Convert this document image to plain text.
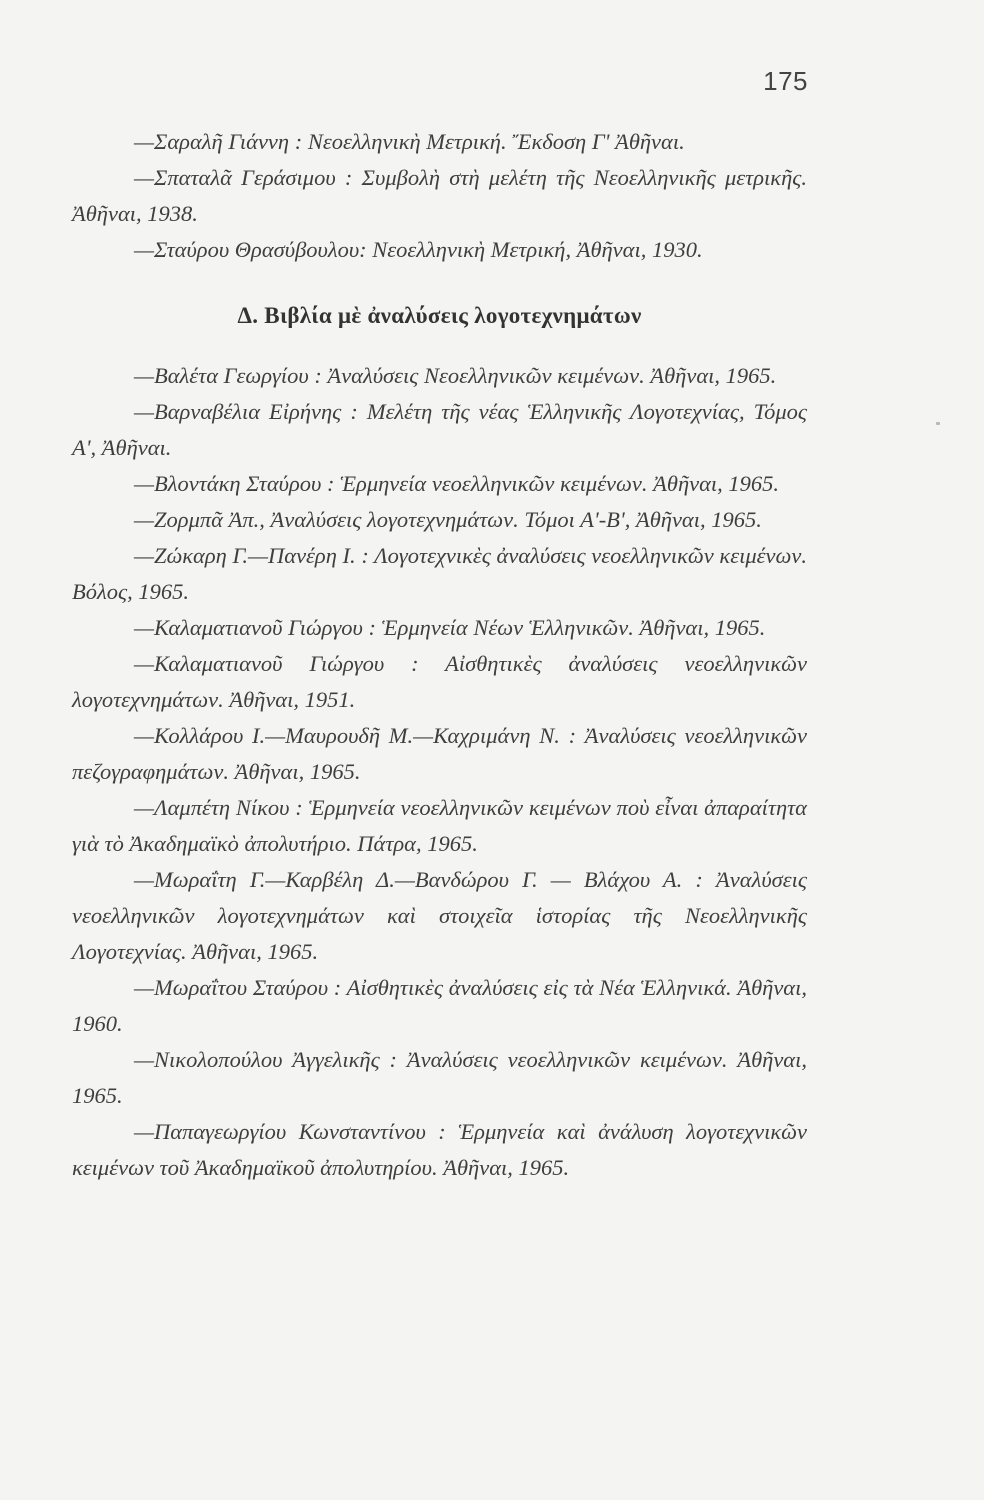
175

—Σαραλῆ Γιάννη : Νεοελληνικὴ Μετρική. Ἔκδοση Γ' Ἀθῆναι.

—Σπαταλᾶ Γεράσιμου : Συμβολὴ στὴ μελέτη τῆς Νεοελληνικῆς μετρικῆς. Ἀθῆναι, 1938.

—Σταύρου Θρασύβουλου: Νεοελληνικὴ Μετρική, Ἀθῆναι, 1930.

Δ. Βιβλία μὲ ἀναλύσεις λογοτεχνημάτων

—Βαλέτα Γεωργίου : Ἀναλύσεις Νεοελληνικῶν κειμένων. Ἀθῆναι, 1965.

—Βαρναβέλια Εἰρήνης : Μελέτη τῆς νέας Ἑλληνικῆς Λογοτεχνίας, Τόμος Α', Ἀθῆναι.

—Βλοντάκη Σταύρου : Ἑρμηνεία νεοελληνικῶν κειμένων. Ἀθῆναι, 1965.

—Ζορμπᾶ Ἀπ., Ἀναλύσεις λογοτεχνημάτων. Τόμοι Α'-Β', Ἀθῆναι, 1965.

—Ζώκαρη Γ.—Πανέρη Ι. : Λογοτεχνικὲς ἀναλύσεις νεοελληνικῶν κειμένων. Βόλος, 1965.

—Καλαματιανοῦ Γιώργου : Ἑρμηνεία Νέων Ἑλληνικῶν. Ἀθῆναι, 1965.

—Καλαματιανοῦ Γιώργου : Αἰσθητικὲς ἀναλύσεις νεοελληνικῶν λογοτεχνημάτων. Ἀθῆναι, 1951.

—Κολλάρου Ι.—Μαυρουδῆ Μ.—Καχριμάνη Ν. : Ἀναλύσεις νεοελληνικῶν πεζογραφημάτων. Ἀθῆναι, 1965.

—Λαμπέτη Νίκου : Ἑρμηνεία νεοελληνικῶν κειμένων ποὺ εἶναι ἀπαραίτητα γιὰ τὸ Ἀκαδημαϊκὸ ἀπολυτήριο. Πάτρα, 1965.

—Μωραΐτη Γ.—Καρβέλη Δ.—Βανδώρου Γ. — Βλάχου Α. : Ἀναλύσεις νεοελληνικῶν λογοτεχνημάτων καὶ στοιχεῖα ἱστορίας τῆς Νεοελληνικῆς Λογοτεχνίας. Ἀθῆναι, 1965.

—Μωραΐτου Σταύρου : Αἰσθητικὲς ἀναλύσεις εἰς τὰ Νέα Ἑλληνικά. Ἀθῆναι, 1960.

—Νικολοπούλου Ἀγγελικῆς : Ἀναλύσεις νεοελληνικῶν κειμένων. Ἀθῆναι, 1965.

—Παπαγεωργίου Κωνσταντίνου : Ἑρμηνεία καὶ ἀνάλυση λογοτεχνικῶν κειμένων τοῦ Ἀκαδημαϊκοῦ ἀπολυτηρίου. Ἀθῆναι, 1965.
